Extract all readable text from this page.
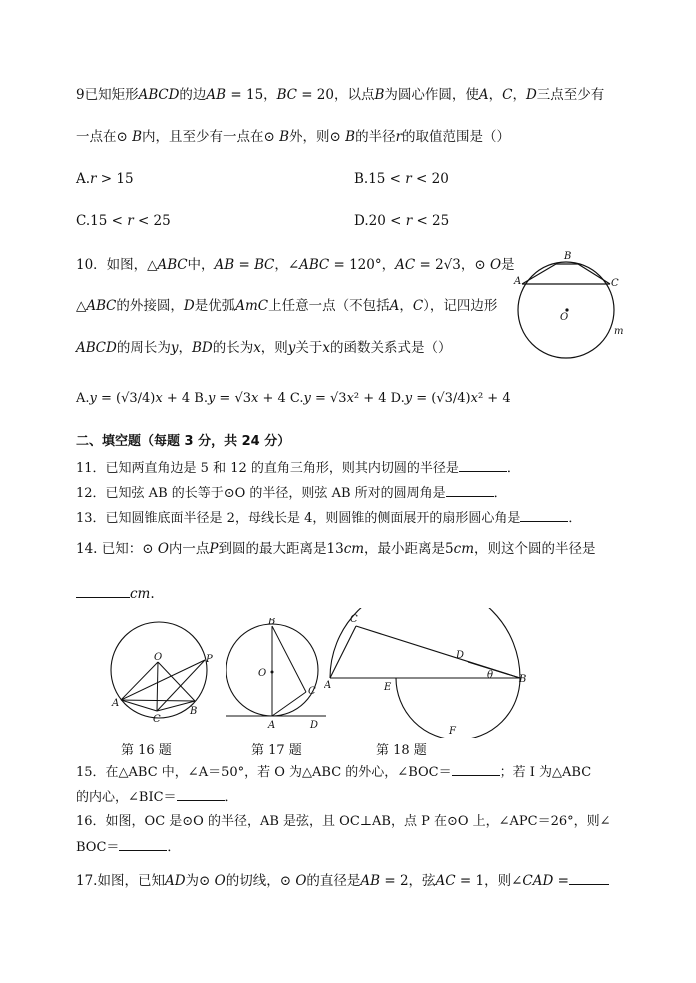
9已知矩形𝐴𝐵𝐶𝐷的边𝐴𝐵 = 15，𝐵𝐶 = 20，以点𝐵为圆心作圆，使𝐴，𝐶，𝐷三点至少有
一点在⊙ 𝐵内，且至少有一点在⊙ 𝐵外，则⊙ 𝐵的半径𝑟的取值范围是（）
A.𝑟 > 15	B.15 < 𝑟 < 20
C.15 < 𝑟 < 25	D.20 < 𝑟 < 25
10．如图，△𝐴𝐵𝐶中，𝐴𝐵 = 𝐵𝐶，∠𝐴𝐵𝐶 = 120°，𝐴𝐶 = 2√3，⊙ 𝑂是
△𝐴𝐵𝐶的外接圆，𝐷是优弧𝐴𝑚𝐶上任意一点（不包括𝐴，𝐶），记四边形
𝐴𝐵𝐶𝐷的周长为𝑦，𝐵𝐷的长为𝑥，则𝑦关于𝑥的函数关系式是（）
A.𝑦 = (√3/4)𝑥 + 4 B.𝑦 = √3𝑥 + 4 C.𝑦 = √3𝑥² + 4 D.𝑦 = (√3/4)𝑥² + 4
A
B
C
O
m
二、填空题（每题 3 分，共 24 分）
11．已知两直角边是 5 和 12 的直角三角形，则其内切圆的半径是	．
12．已知弦 AB 的长等于⊙O 的半径，则弦 AB 所对的圆周角是	．
13．已知圆锥底面半径是 2，母线长是 4，则圆锥的侧面展开的扇形圆心角是	．
14. 已知：⊙ 𝑂内一点𝑃到圆的最大距离是13𝑐𝑚，最小距离是5𝑐𝑚，则这个圆的半径是
𝑐𝑚.
O	P
A
B
C
B
O
C
A	D
C
D
A	E
θ	B
F
第 16 题	第 17 题	第 18 题
15．在△ABC 中，∠A＝50°，若 O 为△ABC 的外心，∠BOC＝	；若 I 为△ABC
的内心，∠BIC＝	．
16．如图，OC 是⊙O 的半径，AB 是弦，且 OC⊥AB，点 P 在⊙O 上，∠APC＝26°，则∠
BOC＝	．
17.如图，已知𝐴𝐷为⊙ 𝑂的切线，⊙ 𝑂的直径是𝐴𝐵 = 2，弦𝐴𝐶 = 1，则∠𝐶𝐴𝐷 =
